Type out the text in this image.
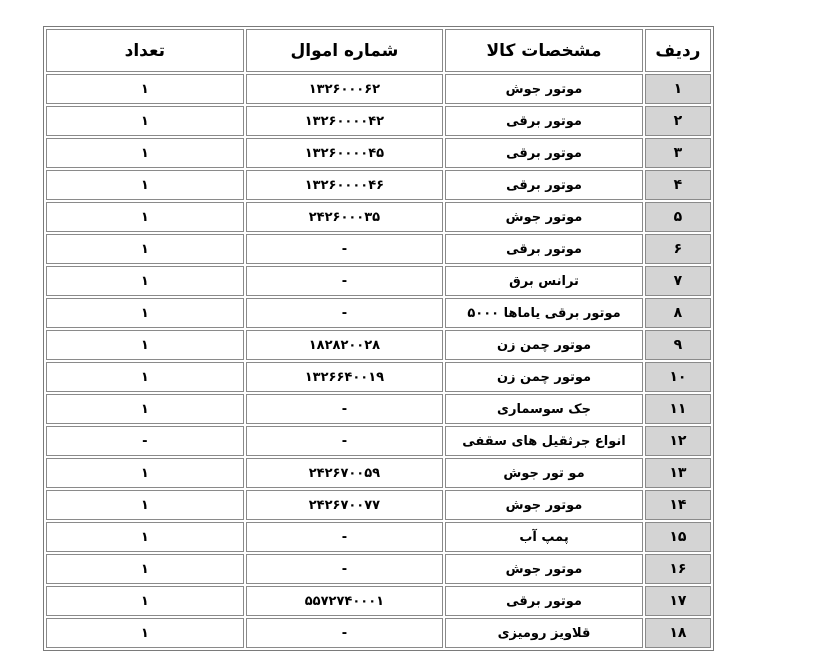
ردیف	مشخصات کالا	شماره اموال	تعداد
۱	موتور جوش	۱۳۲۶۰۰۰۶۲	۱
۲	موتور برقی	۱۳۲۶۰۰۰۰۴۲	۱
۳	موتور برقی	۱۳۲۶۰۰۰۰۴۵	۱
۴	موتور برقی	۱۳۲۶۰۰۰۰۴۶	۱
۵	موتور جوش	۲۴۲۶۰۰۰۳۵	۱
۶	موتور برقی	-	۱
۷	ترانس برق	-	۱
۸	موتور برقی یاماها ۵۰۰۰	-	۱
۹	موتور چمن زن	۱۸۲۸۲۰۰۲۸	۱
۱۰	موتور چمن زن	۱۳۲۶۶۴۰۰۱۹	۱
۱۱	جک سوسماری	-	۱
۱۲	انواع جرثقیل های سقفی	-	-
۱۳	مو تور جوش	۲۴۲۶۷۰۰۵۹	۱
۱۴	موتور جوش	۲۴۲۶۷۰۰۷۷	۱
۱۵	پمپ آب	-	۱
۱۶	موتور جوش	-	۱
۱۷	موتور برقی	۵۵۷۲۷۴۰۰۰۱	۱
۱۸	قلاویز رومیزی	-	۱
